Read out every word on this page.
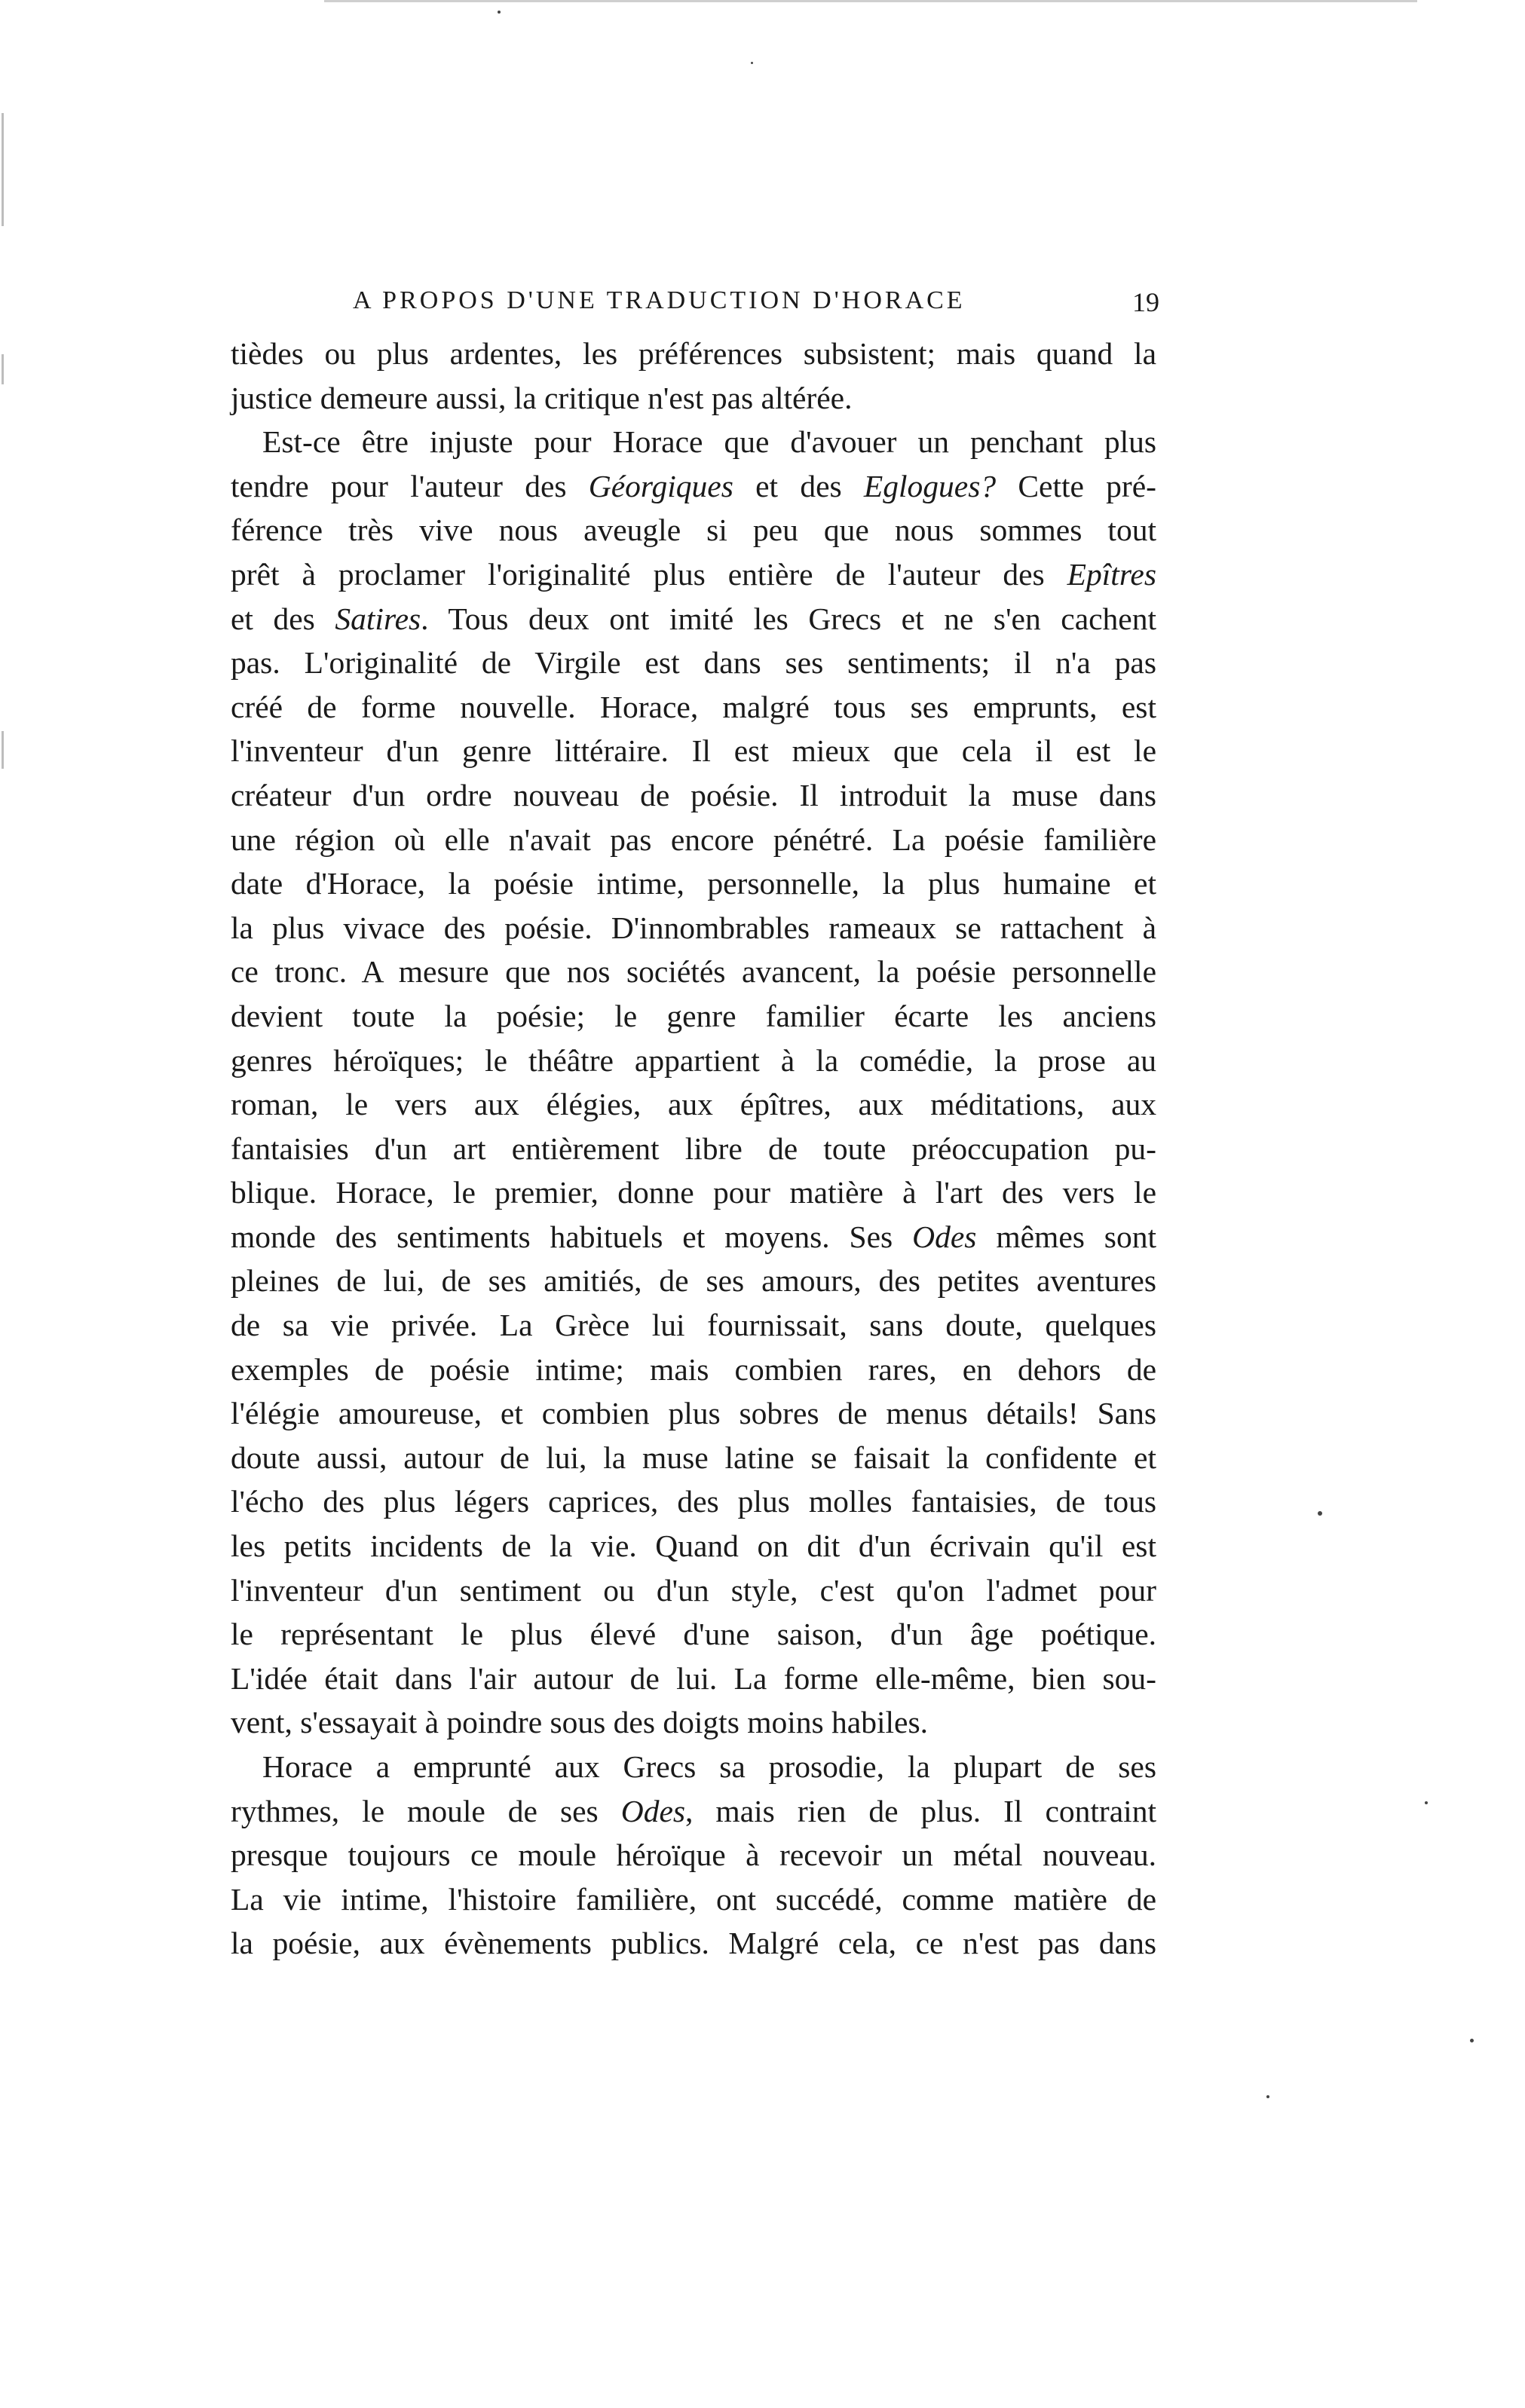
A PROPOS D'UNE TRADUCTION D'HORACE	19
tièdes ou plus ardentes, les préférences subsistent; mais quand la
justice demeure aussi, la critique n'est pas altérée.
Est-ce être injuste pour Horace que d'avouer un penchant plus
tendre pour l'auteur des Géorgiques et des Eglogues? Cette pré-
férence très vive nous aveugle si peu que nous sommes tout
prêt à proclamer l'originalité plus entière de l'auteur des Epîtres
et des Satires. Tous deux ont imité les Grecs et ne s'en cachent
pas. L'originalité de Virgile est dans ses sentiments; il n'a pas
créé de forme nouvelle. Horace, malgré tous ses emprunts, est
l'inventeur d'un genre littéraire. Il est mieux que cela il est le
créateur d'un ordre nouveau de poésie. Il introduit la muse dans
une région où elle n'avait pas encore pénétré. La poésie familière
date d'Horace, la poésie intime, personnelle, la plus humaine et
la plus vivace des poésie. D'innombrables rameaux se rattachent à
ce tronc. A mesure que nos sociétés avancent, la poésie personnelle
devient toute la poésie; le genre familier écarte les anciens
genres héroïques; le théâtre appartient à la comédie, la prose au
roman, le vers aux élégies, aux épîtres, aux méditations, aux
fantaisies d'un art entièrement libre de toute préoccupation pu-
blique. Horace, le premier, donne pour matière à l'art des vers le
monde des sentiments habituels et moyens. Ses Odes mêmes sont
pleines de lui, de ses amitiés, de ses amours, des petites aventures
de sa vie privée. La Grèce lui fournissait, sans doute, quelques
exemples de poésie intime; mais combien rares, en dehors de
l'élégie amoureuse, et combien plus sobres de menus détails! Sans
doute aussi, autour de lui, la muse latine se faisait la confidente et
l'écho des plus légers caprices, des plus molles fantaisies, de tous
les petits incidents de la vie. Quand on dit d'un écrivain qu'il est
l'inventeur d'un sentiment ou d'un style, c'est qu'on l'admet pour
le représentant le plus élevé d'une saison, d'un âge poétique.
L'idée était dans l'air autour de lui. La forme elle-même, bien sou-
vent, s'essayait à poindre sous des doigts moins habiles.
Horace a emprunté aux Grecs sa prosodie, la plupart de ses
rythmes, le moule de ses Odes, mais rien de plus. Il contraint
presque toujours ce moule héroïque à recevoir un métal nouveau.
La vie intime, l'histoire familière, ont succédé, comme matière de
la poésie, aux évènements publics. Malgré cela, ce n'est pas dans
